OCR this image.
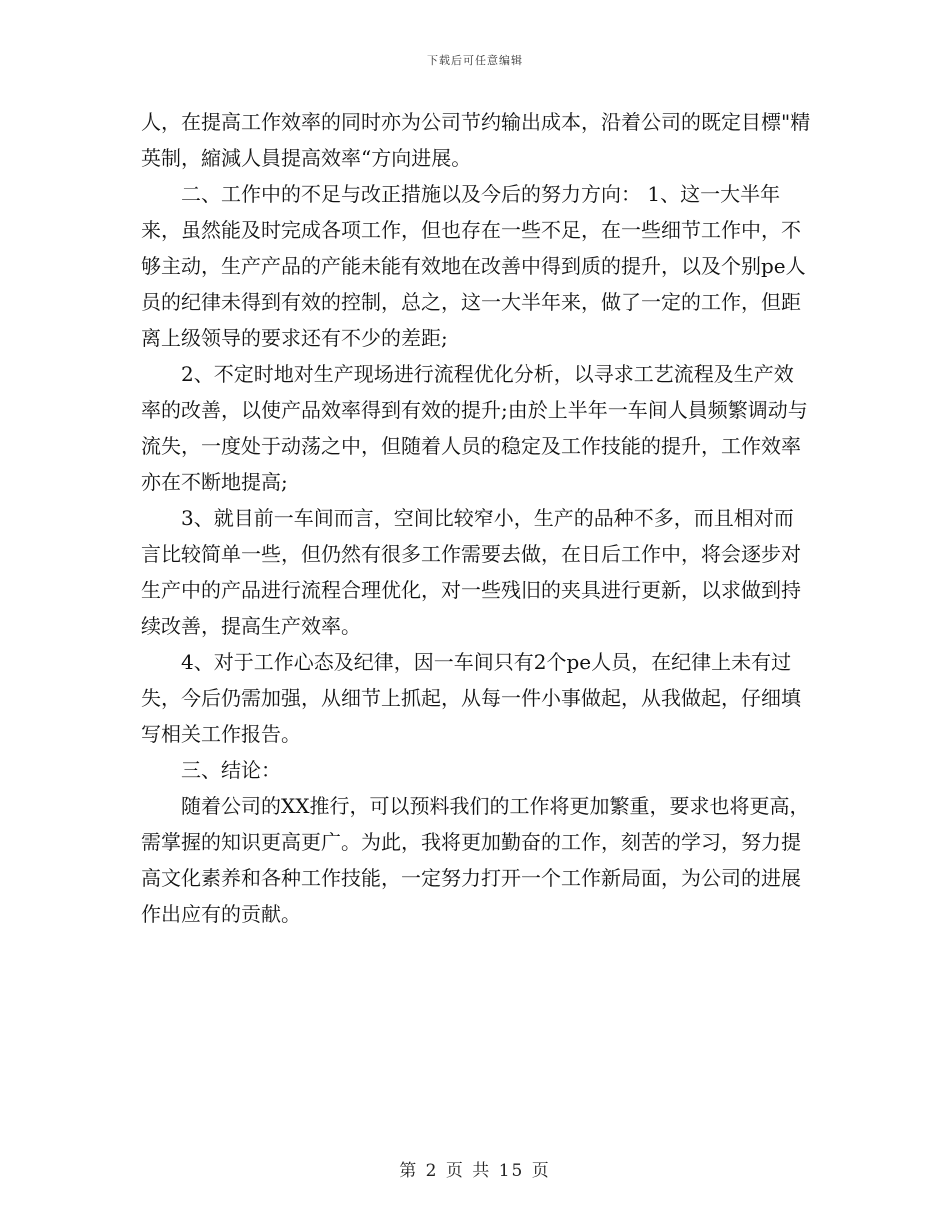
下载后可任意编辑

人，在提高工作效率的同时亦为公司节约输出成本，沿着公司的既定目標"精英制，縮減人員提高效率“方向进展。

二、工作中的不足与改正措施以及今后的努力方向： 1、这一大半年来，虽然能及时完成各项工作，但也存在一些不足，在一些细节工作中，不够主动，生产产品的产能未能有效地在改善中得到质的提升，以及个别pe人员的纪律未得到有效的控制，总之，这一大半年来，做了一定的工作，但距离上级领导的要求还有不少的差距;

2、不定时地对生产现场进行流程优化分析，以寻求工艺流程及生产效率的改善，以使产品效率得到有效的提升;由於上半年一车间人員频繁调动与流失，一度处于动荡之中，但随着人员的稳定及工作技能的提升，工作效率亦在不断地提高;

3、就目前一车间而言，空间比较窄小，生产的品种不多，而且相对而言比较简单一些，但仍然有很多工作需要去做，在日后工作中，将会逐步对生产中的产品进行流程合理优化，对一些残旧的夹具进行更新，以求做到持续改善，提高生产效率。

4、对于工作心态及纪律，因一车间只有2个pe人员，在纪律上未有过失，今后仍需加强，从细节上抓起，从每一件小事做起，从我做起，仔细填写相关工作报告。

三、结论：

随着公司的XX推行，可以预料我们的工作将更加繁重，要求也将更高，需掌握的知识更高更广。为此，我将更加勤奋的工作，刻苦的学习，努力提高文化素养和各种工作技能，一定努力打开一个工作新局面，为公司的进展作出应有的贡献。

第 2 页 共 15 页
